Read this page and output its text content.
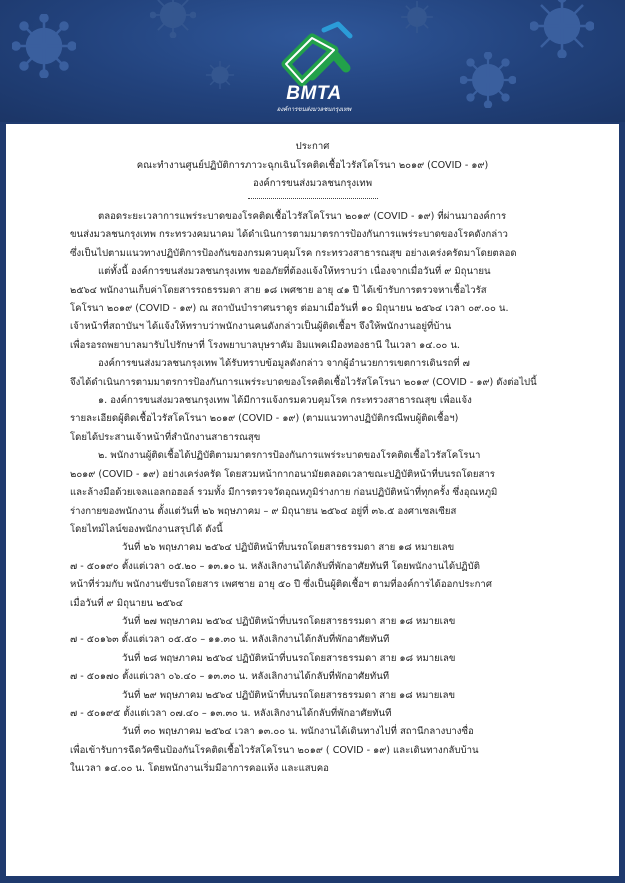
BMTA
องค์การขนส่งมวลชนกรุงเทพ
ประกาศ
คณะทำงานศูนย์ปฏิบัติการภาวะฉุกเฉินโรคติดเชื้อไวรัสโคโรนา ๒๐๑๙ (COVID - ๑๙)
องค์การขนส่งมวลชนกรุงเทพ

ตลอดระยะเวลาการแพร่ระบาดของโรคติดเชื้อไวรัสโคโรนา ๒๐๑๙ (COVID - ๑๙) ที่ผ่านมาองค์การ

ขนส่งมวลชนกรุงเทพ กระทรวงคมนาคม ได้ดำเนินการตามมาตรการป้องกันการแพร่ระบาดของโรคดังกล่าว

ซึ่งเป็นไปตามแนวทางปฏิบัติการป้องกันของกรมควบคุมโรค กระทรวงสาธารณสุข อย่างเคร่งครัดมาโดยตลอด

แต่ทั้งนี้ องค์การขนส่งมวลชนกรุงเทพ ขออภัยที่ต้องแจ้งให้ทราบว่า เนื่องจากเมื่อวันที่ ๙ มิถุนายน

๒๕๖๔ พนักงานเก็บค่าโดยสารรถธรรมดา สาย ๑๘ เพศชาย อายุ ๔๑ ปี ได้เข้ารับการตรวจหาเชื้อไวรัส

โคโรนา ๒๐๑๙ (COVID - ๑๙) ณ สถาบันบำราศนราดูร ต่อมาเมื่อวันที่ ๑๐ มิถุนายน ๒๕๖๔ เวลา ๐๙.๐๐ น.

เจ้าหน้าที่สถาบันฯ ได้แจ้งให้ทราบว่าพนักงานคนดังกล่าวเป็นผู้ติดเชื้อฯ จึงให้พนักงานอยู่ที่บ้าน

เพื่อรอรถพยาบาลมารับไปรักษาที่ โรงพยาบาลบุษราคัม อิมแพคเมืองทองธานี ในเวลา ๑๔.๐๐ น.

องค์การขนส่งมวลชนกรุงเทพ ได้รับทราบข้อมูลดังกล่าว จากผู้อำนวยการเขตการเดินรถที่ ๗

จึงได้ดำเนินการตามมาตรการป้องกันการแพร่ระบาดของโรคติดเชื้อไวรัสโคโรนา ๒๐๑๙ (COVID - ๑๙) ดังต่อไปนี้

๑. องค์การขนส่งมวลชนกรุงเทพ ได้มีการแจ้งกรมควบคุมโรค กระทรวงสาธารณสุข เพื่อแจ้ง

รายละเอียดผู้ติดเชื้อไวรัสโคโรนา ๒๐๑๙ (COVID - ๑๙) (ตามแนวทางปฏิบัติกรณีพบผู้ติดเชื้อฯ)

โดยได้ประสานเจ้าหน้าที่สำนักงานสาธารณสุข

๒. พนักงานผู้ติดเชื้อได้ปฏิบัติตามมาตรการป้องกันการแพร่ระบาดของโรคติดเชื้อไวรัสโคโรนา

๒๐๑๙ (COVID - ๑๙) อย่างเคร่งครัด โดยสวมหน้ากากอนามัยตลอดเวลาขณะปฏิบัติหน้าที่บนรถโดยสาร

และล้างมือด้วยเจลแอลกอฮอล์ รวมทั้ง มีการตรวจวัดอุณหภูมิร่างกาย ก่อนปฏิบัติหน้าที่ทุกครั้ง ซึ่งอุณหภูมิ

ร่างกายของพนักงาน ตั้งแต่วันที่ ๒๖ พฤษภาคม – ๙ มิถุนายน ๒๕๖๔ อยู่ที่ ๓๖.๕ องศาเซลเซียส

โดยไทม์ไลน์ของพนักงานสรุปได้ ดังนี้

วันที่ ๒๖ พฤษภาคม ๒๕๖๔ ปฏิบัติหน้าที่บนรถโดยสารธรรมดา สาย ๑๘ หมายเลข

๗ - ๕๐๑๙๐ ตั้งแต่เวลา ๐๕.๒๐ – ๑๓.๑๐ น. หลังเลิกงานได้กลับที่พักอาศัยทันที โดยพนักงานได้ปฏิบัติ

หน้าที่ร่วมกับ พนักงานขับรถโดยสาร เพศชาย อายุ ๕๐ ปี ซึ่งเป็นผู้ติดเชื้อฯ ตามที่องค์การได้ออกประกาศ

เมื่อวันที่ ๙ มิถุนายน ๒๕๖๔

วันที่ ๒๗ พฤษภาคม ๒๕๖๔ ปฏิบัติหน้าที่บนรถโดยสารธรรมดา สาย ๑๘ หมายเลข

๗ - ๕๐๑๖๓ ตั้งแต่เวลา ๐๕.๕๐ – ๑๑.๓๐ น. หลังเลิกงานได้กลับที่พักอาศัยทันที

วันที่ ๒๘ พฤษภาคม ๒๕๖๔ ปฏิบัติหน้าที่บนรถโดยสารธรรมดา สาย ๑๘ หมายเลข

๗ - ๕๐๑๗๐ ตั้งแต่เวลา ๐๖.๔๐ – ๑๓.๓๐ น. หลังเลิกงานได้กลับที่พักอาศัยทันที

วันที่ ๒๙ พฤษภาคม ๒๕๖๔ ปฏิบัติหน้าที่บนรถโดยสารธรรมดา สาย ๑๘ หมายเลข

๗ - ๕๐๑๙๕ ตั้งแต่เวลา ๐๗.๔๐ – ๑๓.๓๐ น. หลังเลิกงานได้กลับที่พักอาศัยทันที

วันที่ ๓๐ พฤษภาคม ๒๕๖๔ เวลา ๑๓.๐๐ น. พนักงานได้เดินทางไปที่ สถานีกลางบางซื่อ

เพื่อเข้ารับการฉีดวัคซีนป้องกันโรคติดเชื้อไวรัสโคโรนา ๒๐๑๙ ( COVID - ๑๙) และเดินทางกลับบ้าน

ในเวลา ๑๔.๐๐ น. โดยพนักงานเริ่มมีอาการคอแห้ง และแสบคอ
